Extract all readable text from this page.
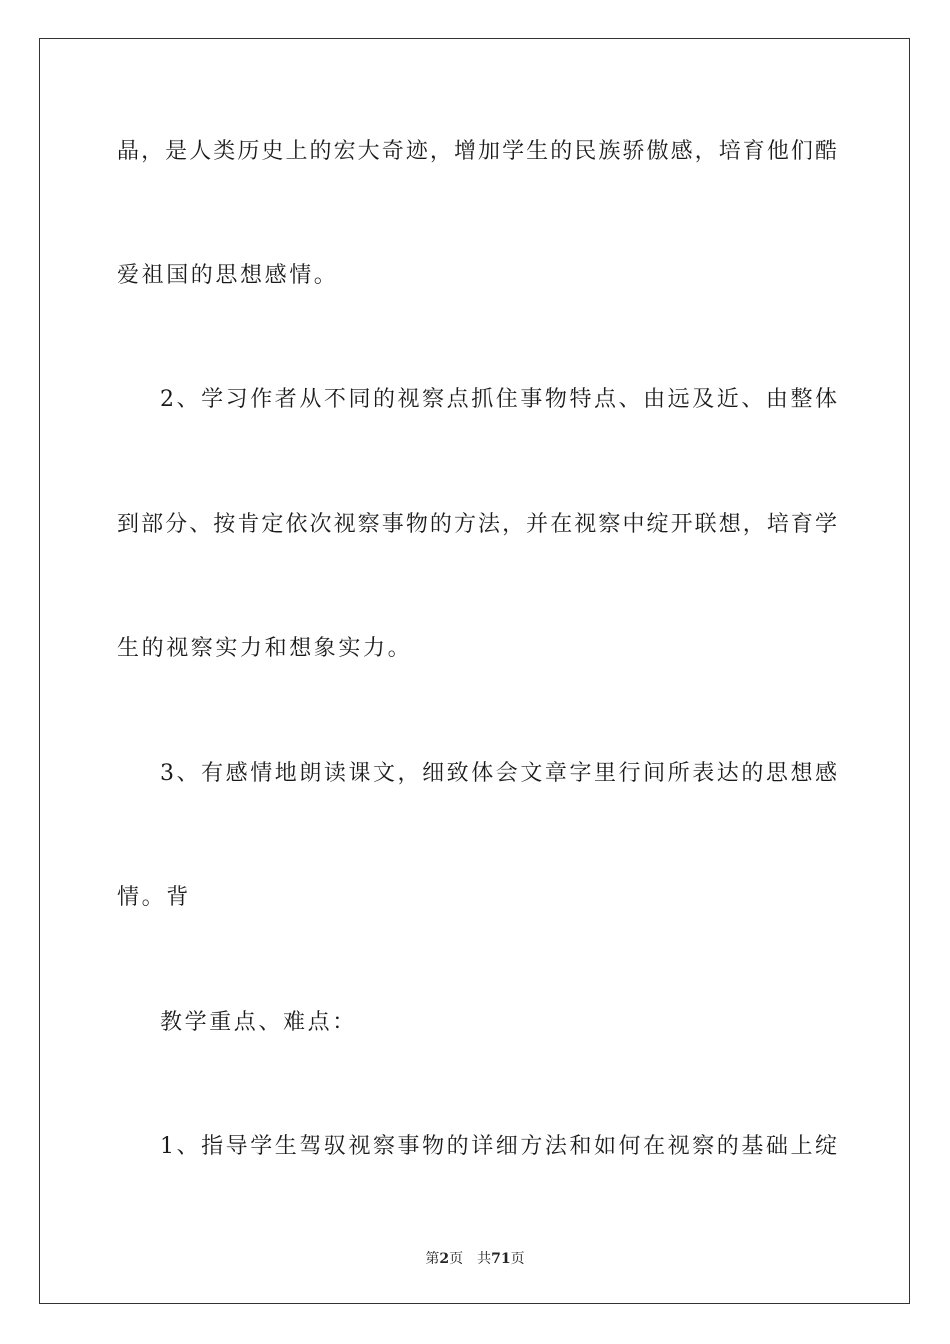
晶，是人类历史上的宏大奇迹，增加学生的民族骄傲感，培育他们酷
爱祖国的思想感情。
2、学习作者从不同的视察点抓住事物特点、由远及近、由整体
到部分、按肯定依次视察事物的方法，并在视察中绽开联想，培育学
生的视察实力和想象实力。
3、有感情地朗读课文，细致体会文章字里行间所表达的思想感
情。背
教学重点、难点：
1、指导学生驾驭视察事物的详细方法和如何在视察的基础上绽
第2页 共71页
